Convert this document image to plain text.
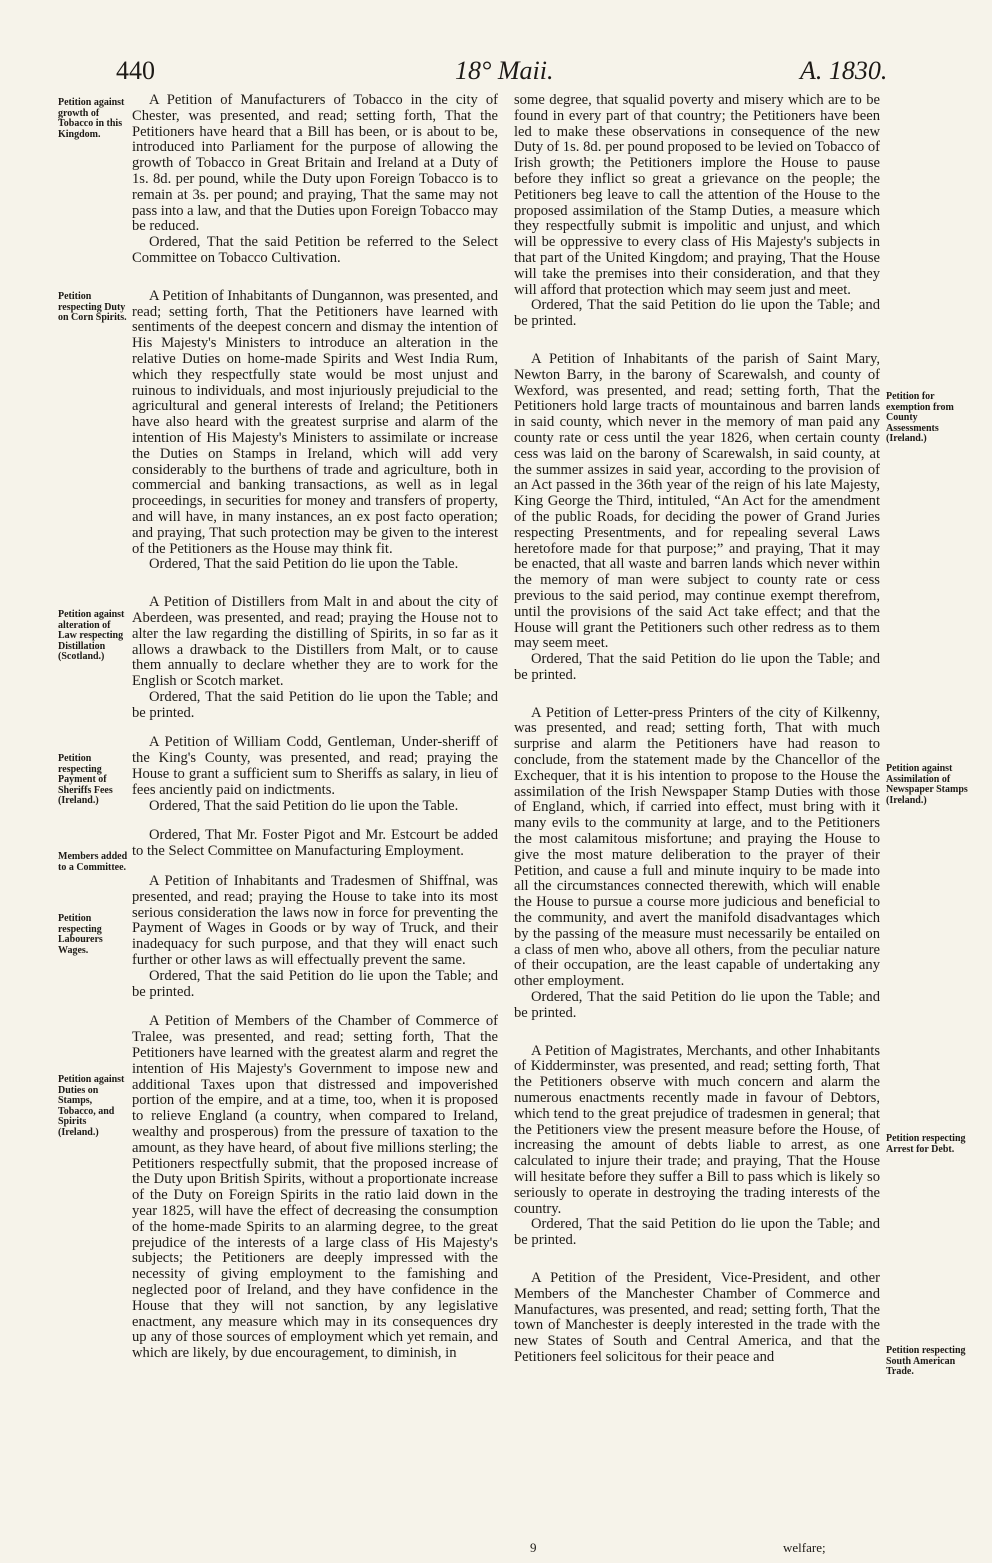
440	18° Maii.	A. 1830.
Petition against growth of Tobacco in this Kingdom.
Petition respecting Duty on Corn Spirits.
Petition against alteration of Law respecting Distillation (Scotland.)
Petition respecting Payment of Sheriffs Fees (Ireland.)
Members added to a Committee.
Petition respecting Labourers Wages.
Petition against Duties on Stamps, Tobacco, and Spirits (Ireland.)
Petition for exemption from County Assessments (Ireland.)
Petition against Assimilation of Newspaper Stamps (Ireland.)
Petition respecting Arrest for Debt.
Petition respecting South American Trade.

A Petition of Manufacturers of Tobacco in the city of Chester, was presented, and read; setting forth, That the Petitioners have heard that a Bill has been, or is about to be, introduced into Parliament for the purpose of allowing the growth of Tobacco in Great Britain and Ireland at a Duty of 1s. 8d. per pound, while the Duty upon Foreign Tobacco is to remain at 3s. per pound; and praying, That the same may not pass into a law, and that the Duties upon Foreign Tobacco may be reduced.

Ordered, That the said Petition be referred to the Select Committee on Tobacco Cultivation.

A Petition of Inhabitants of Dungannon, was presented, and read; setting forth, That the Petitioners have learned with sentiments of the deepest concern and dismay the intention of His Majesty's Ministers to introduce an alteration in the relative Duties on home-made Spirits and West India Rum, which they respectfully state would be most unjust and ruinous to individuals, and most injuriously prejudicial to the agricultural and general interests of Ireland; the Petitioners have also heard with the greatest surprise and alarm of the intention of His Majesty's Ministers to assimilate or increase the Duties on Stamps in Ireland, which will add very considerably to the burthens of trade and agriculture, both in commercial and banking transactions, as well as in legal proceedings, in securities for money and transfers of property, and will have, in many instances, an ex post facto operation; and praying, That such protection may be given to the interest of the Petitioners as the House may think fit.

Ordered, That the said Petition do lie upon the Table.

A Petition of Distillers from Malt in and about the city of Aberdeen, was presented, and read; praying the House not to alter the law regarding the distilling of Spirits, in so far as it allows a drawback to the Distillers from Malt, or to cause them annually to declare whether they are to work for the English or Scotch market.

Ordered, That the said Petition do lie upon the Table; and be printed.

A Petition of William Codd, Gentleman, Under-sheriff of the King's County, was presented, and read; praying the House to grant a sufficient sum to Sheriffs as salary, in lieu of fees anciently paid on indictments.

Ordered, That the said Petition do lie upon the Table.

Ordered, That Mr. Foster Pigot and Mr. Estcourt be added to the Select Committee on Manufacturing Employment.

A Petition of Inhabitants and Tradesmen of Shiffnal, was presented, and read; praying the House to take into its most serious consideration the laws now in force for preventing the Payment of Wages in Goods or by way of Truck, and their inadequacy for such purpose, and that they will enact such further or other laws as will effectually prevent the same.

Ordered, That the said Petition do lie upon the Table; and be printed.

A Petition of Members of the Chamber of Commerce of Tralee, was presented, and read; setting forth, That the Petitioners have learned with the greatest alarm and regret the intention of His Majesty's Government to impose new and additional Taxes upon that distressed and impoverished portion of the empire, and at a time, too, when it is proposed to relieve England (a country, when compared to Ireland, wealthy and prosperous) from the pressure of taxation to the amount, as they have heard, of about five millions sterling; the Petitioners respectfully submit, that the proposed increase of the Duty upon British Spirits, without a proportionate increase of the Duty on Foreign Spirits in the ratio laid down in the year 1825, will have the effect of decreasing the consumption of the home-made Spirits to an alarming degree, to the great prejudice of the interests of a large class of His Majesty's subjects; the Petitioners are deeply impressed with the necessity of giving employment to the famishing and neglected poor of Ireland, and they have confidence in the House that they will not sanction, by any legislative enactment, any measure which may in its consequences dry up any of those sources of employment which yet remain, and which are likely, by due encouragement, to diminish, in

some degree, that squalid poverty and misery which are to be found in every part of that country; the Petitioners have been led to make these observations in consequence of the new Duty of 1s. 8d. per pound proposed to be levied on Tobacco of Irish growth; the Petitioners implore the House to pause before they inflict so great a grievance on the people; the Petitioners beg leave to call the attention of the House to the proposed assimilation of the Stamp Duties, a measure which they respectfully submit is impolitic and unjust, and which will be oppressive to every class of His Majesty's subjects in that part of the United Kingdom; and praying, That the House will take the premises into their consideration, and that they will afford that protection which may seem just and meet.

Ordered, That the said Petition do lie upon the Table; and be printed.

A Petition of Inhabitants of the parish of Saint Mary, Newton Barry, in the barony of Scarewalsh, and county of Wexford, was presented, and read; setting forth, That the Petitioners hold large tracts of mountainous and barren lands in said county, which never in the memory of man paid any county rate or cess until the year 1826, when certain county cess was laid on the barony of Scarewalsh, in said county, at the summer assizes in said year, according to the provision of an Act passed in the 36th year of the reign of his late Majesty, King George the Third, intituled, “An Act for the amendment of the public Roads, for deciding the power of Grand Juries respecting Presentments, and for repealing several Laws heretofore made for that purpose;” and praying, That it may be enacted, that all waste and barren lands which never within the memory of man were subject to county rate or cess previous to the said period, may continue exempt therefrom, until the provisions of the said Act take effect; and that the House will grant the Petitioners such other redress as to them may seem meet.

Ordered, That the said Petition do lie upon the Table; and be printed.

A Petition of Letter-press Printers of the city of Kilkenny, was presented, and read; setting forth, That with much surprise and alarm the Petitioners have had reason to conclude, from the statement made by the Chancellor of the Exchequer, that it is his intention to propose to the House the assimilation of the Irish Newspaper Stamp Duties with those of England, which, if carried into effect, must bring with it many evils to the community at large, and to the Petitioners the most calamitous misfortune; and praying the House to give the most mature deliberation to the prayer of their Petition, and cause a full and minute inquiry to be made into all the circumstances connected therewith, which will enable the House to pursue a course more judicious and beneficial to the community, and avert the manifold disadvantages which by the passing of the measure must necessarily be entailed on a class of men who, above all others, from the peculiar nature of their occupation, are the least capable of undertaking any other employment.

Ordered, That the said Petition do lie upon the Table; and be printed.

A Petition of Magistrates, Merchants, and other Inhabitants of Kidderminster, was presented, and read; setting forth, That the Petitioners observe with much concern and alarm the numerous enactments recently made in favour of Debtors, which tend to the great prejudice of tradesmen in general; that the Petitioners view the present measure before the House, of increasing the amount of debts liable to arrest, as one calculated to injure their trade; and praying, That the House will hesitate before they suffer a Bill to pass which is likely so seriously to operate in destroying the trading interests of the country.

Ordered, That the said Petition do lie upon the Table; and be printed.

A Petition of the President, Vice-President, and other Members of the Manchester Chamber of Commerce and Manufactures, was presented, and read; setting forth, That the town of Manchester is deeply interested in the trade with the new States of South and Central America, and that the Petitioners feel solicitous for their peace and

9	welfare;
